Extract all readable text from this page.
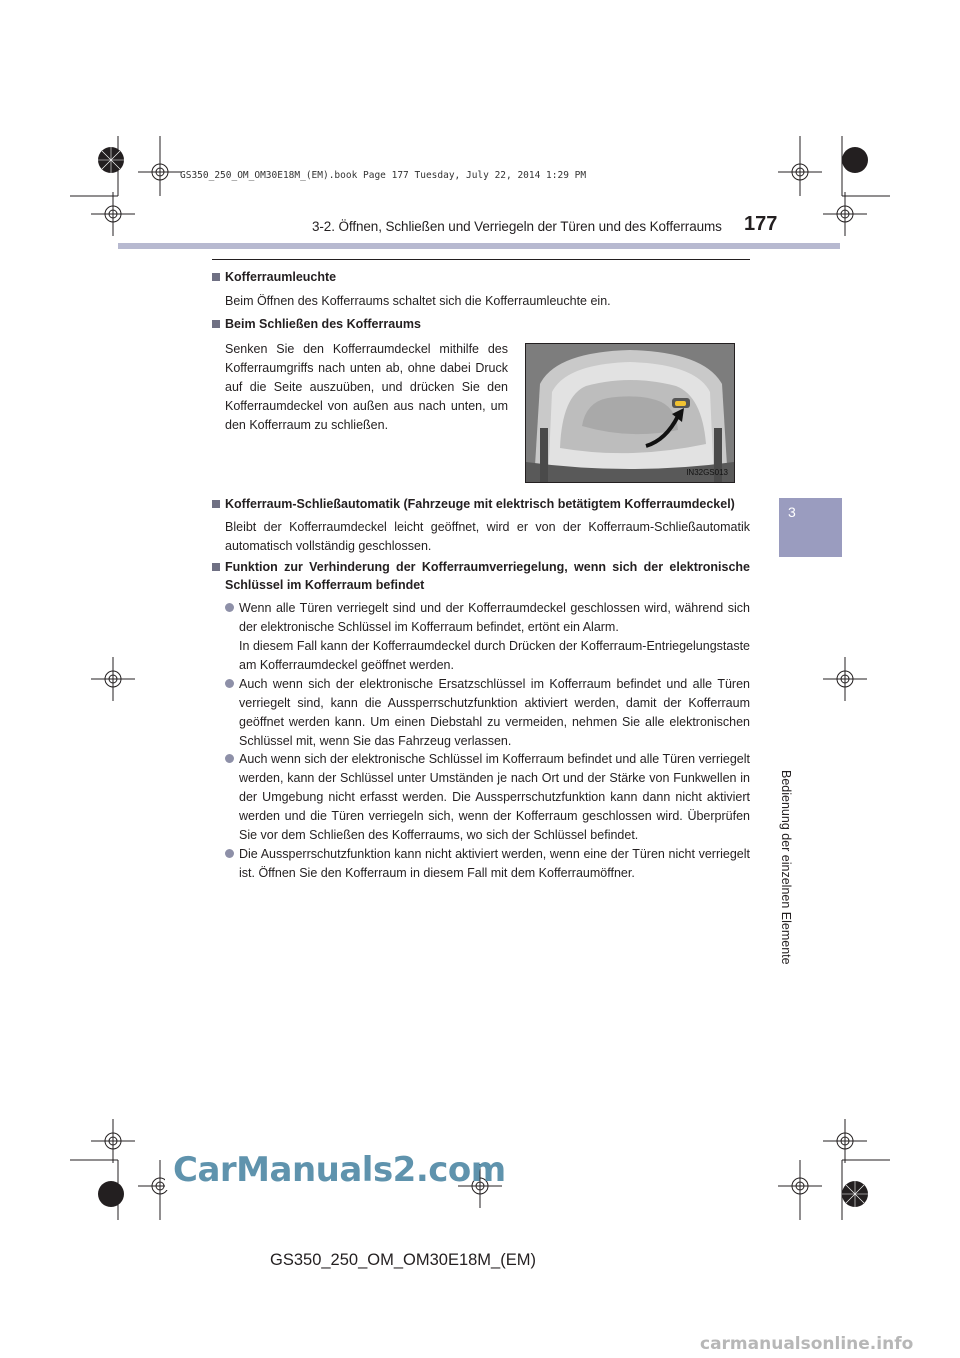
GS350_250_OM_OM30E18M_(EM).book Page 177 Tuesday, July 22, 2014 1:29 PM
3-2. Öffnen, Schließen und Verriegeln der Türen und des Kofferraums 177
3
Bedienung der einzelnen Elemente
Kofferraumleuchte
Beim Öffnen des Kofferraums schaltet sich die Kofferraumleuchte ein.
Beim Schließen des Kofferraums
Senken Sie den Kofferraumdeckel mithilfe des Kofferraumgriffs nach unten ab, ohne dabei Druck auf die Seite auszuüben, und drücken Sie den Kofferraumdeckel von außen aus nach unten, um den Kofferraum zu schließen.
IN32GS013
Kofferraum-Schließautomatik (Fahrzeuge mit elektrisch betätigtem Kofferraumdeckel)
Bleibt der Kofferraumdeckel leicht geöffnet, wird er von der Kofferraum-Schließautomatik automatisch vollständig geschlossen.
Funktion zur Verhinderung der Kofferraumverriegelung, wenn sich der elektronische
Schlüssel im Kofferraum befindet
Wenn alle Türen verriegelt sind und der Kofferraumdeckel geschlossen wird, während sich der elektronische Schlüssel im Kofferraum befindet, ertönt ein Alarm.
In diesem Fall kann der Kofferraumdeckel durch Drücken der Kofferraum-Entriegelungstaste am Kofferraumdeckel geöffnet werden.
Auch wenn sich der elektronische Ersatzschlüssel im Kofferraum befindet und alle Türen verriegelt sind, kann die Aussperrschutzfunktion aktiviert werden, damit der Kofferraum geöffnet werden kann. Um einen Diebstahl zu vermeiden, nehmen Sie alle elektronischen Schlüssel mit, wenn Sie das Fahrzeug verlassen.
Auch wenn sich der elektronische Schlüssel im Kofferraum befindet und alle Türen verriegelt werden, kann der Schlüssel unter Umständen je nach Ort und der Stärke von Funkwellen in der Umgebung nicht erfasst werden. Die Aussperrschutzfunktion kann dann nicht aktiviert werden und die Türen verriegeln sich, wenn der Kofferraum geschlossen wird. Überprüfen Sie vor dem Schließen des Kofferraums, wo sich der Schlüssel befindet.
Die Aussperrschutzfunktion kann nicht aktiviert werden, wenn eine der Türen nicht verriegelt ist. Öffnen Sie den Kofferraum in diesem Fall mit dem Kofferraumöffner.
GS350_250_OM_OM30E18M_(EM)
CarManuals2.com
carmanualsonline.info
